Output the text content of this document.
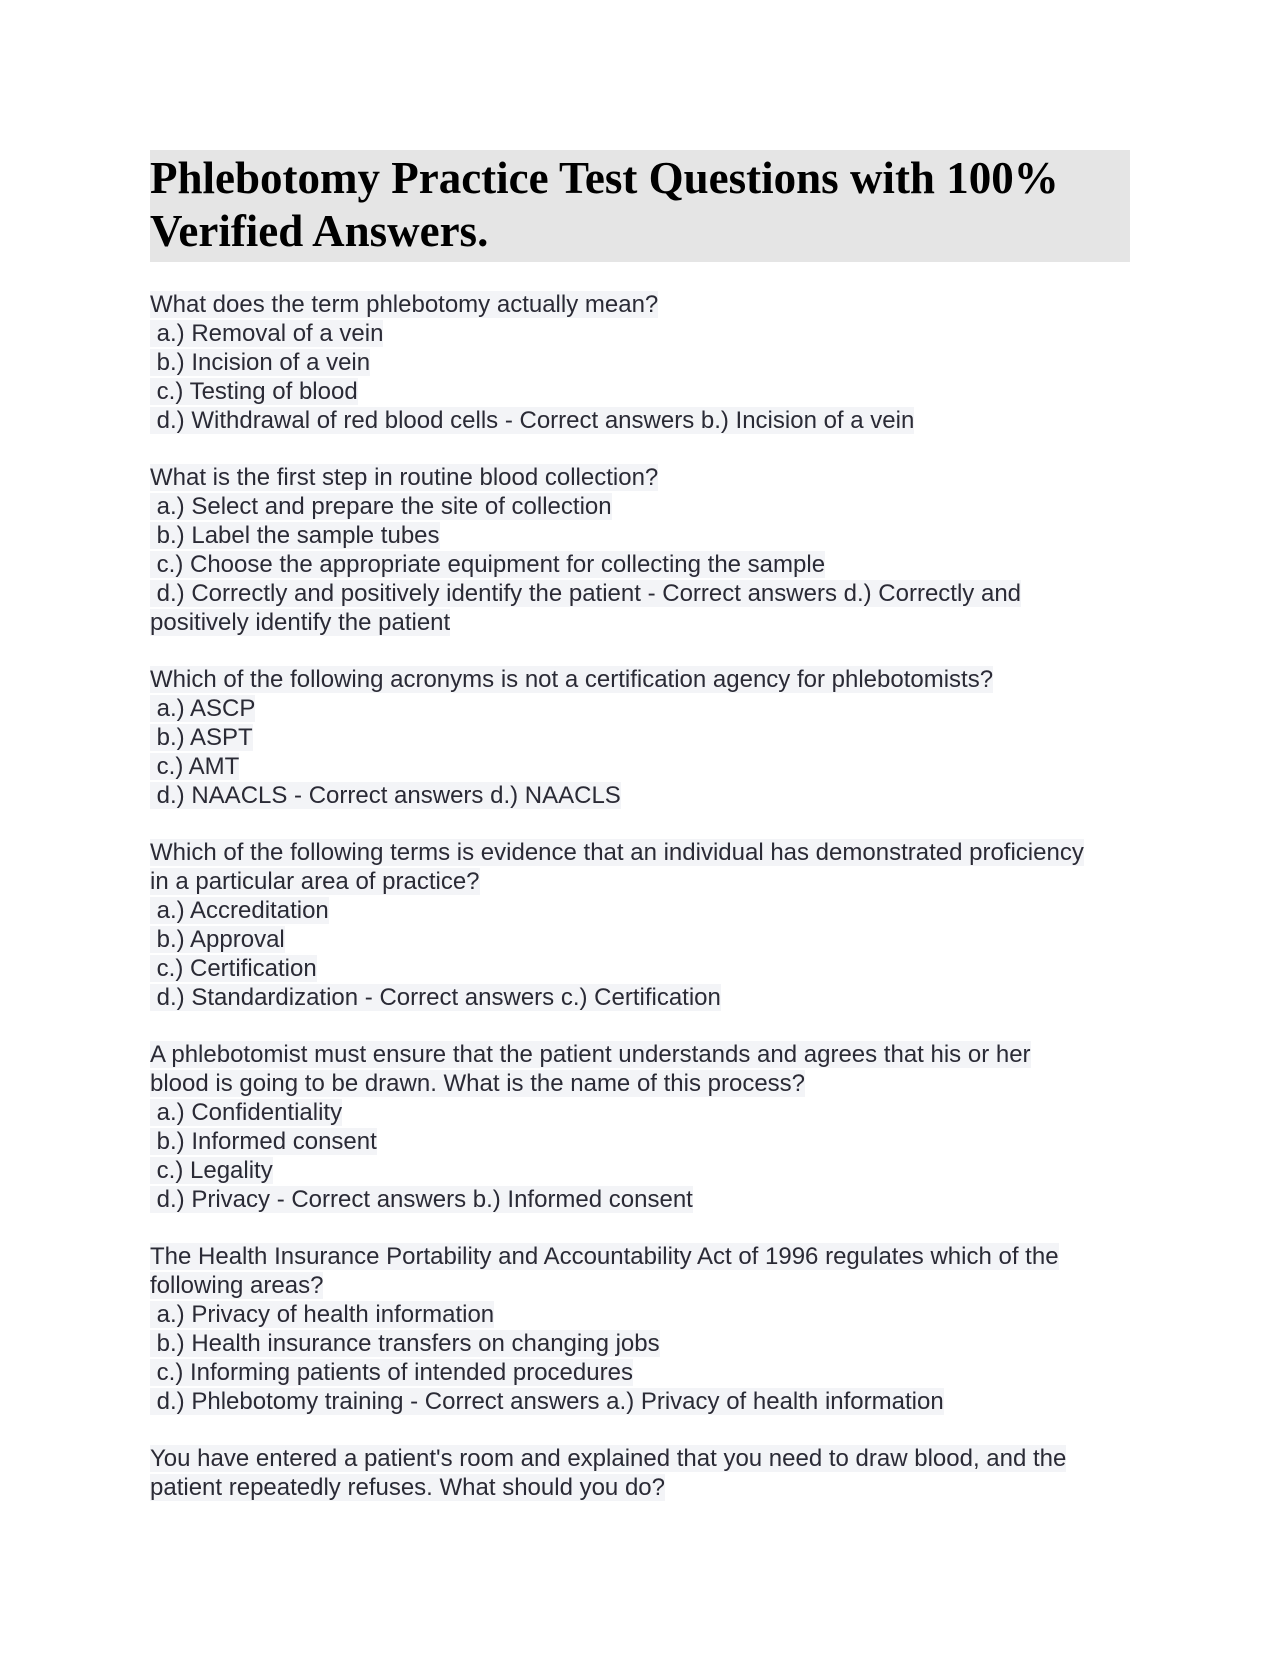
Phlebotomy Practice Test Questions with 100%
Verified Answers.
What does the term phlebotomy actually mean?
a.) Removal of a vein
b.) Incision of a vein
c.) Testing of blood
d.) Withdrawal of red blood cells - Correct answers b.) Incision of a vein
What is the first step in routine blood collection?
a.) Select and prepare the site of collection
b.) Label the sample tubes
c.) Choose the appropriate equipment for collecting the sample
d.) Correctly and positively identify the patient - Correct answers d.) Correctly and
positively identify the patient
Which of the following acronyms is not a certification agency for phlebotomists?
a.) ASCP
b.) ASPT
c.) AMT
d.) NAACLS - Correct answers d.) NAACLS
Which of the following terms is evidence that an individual has demonstrated proficiency
in a particular area of practice?
a.) Accreditation
b.) Approval
c.) Certification
d.) Standardization - Correct answers c.) Certification
A phlebotomist must ensure that the patient understands and agrees that his or her
blood is going to be drawn. What is the name of this process?
a.) Confidentiality
b.) Informed consent
c.) Legality
d.) Privacy - Correct answers b.) Informed consent
The Health Insurance Portability and Accountability Act of 1996 regulates which of the
following areas?
a.) Privacy of health information
b.) Health insurance transfers on changing jobs
c.) Informing patients of intended procedures
d.) Phlebotomy training - Correct answers a.) Privacy of health information
You have entered a patient's room and explained that you need to draw blood, and the
patient repeatedly refuses. What should you do?
